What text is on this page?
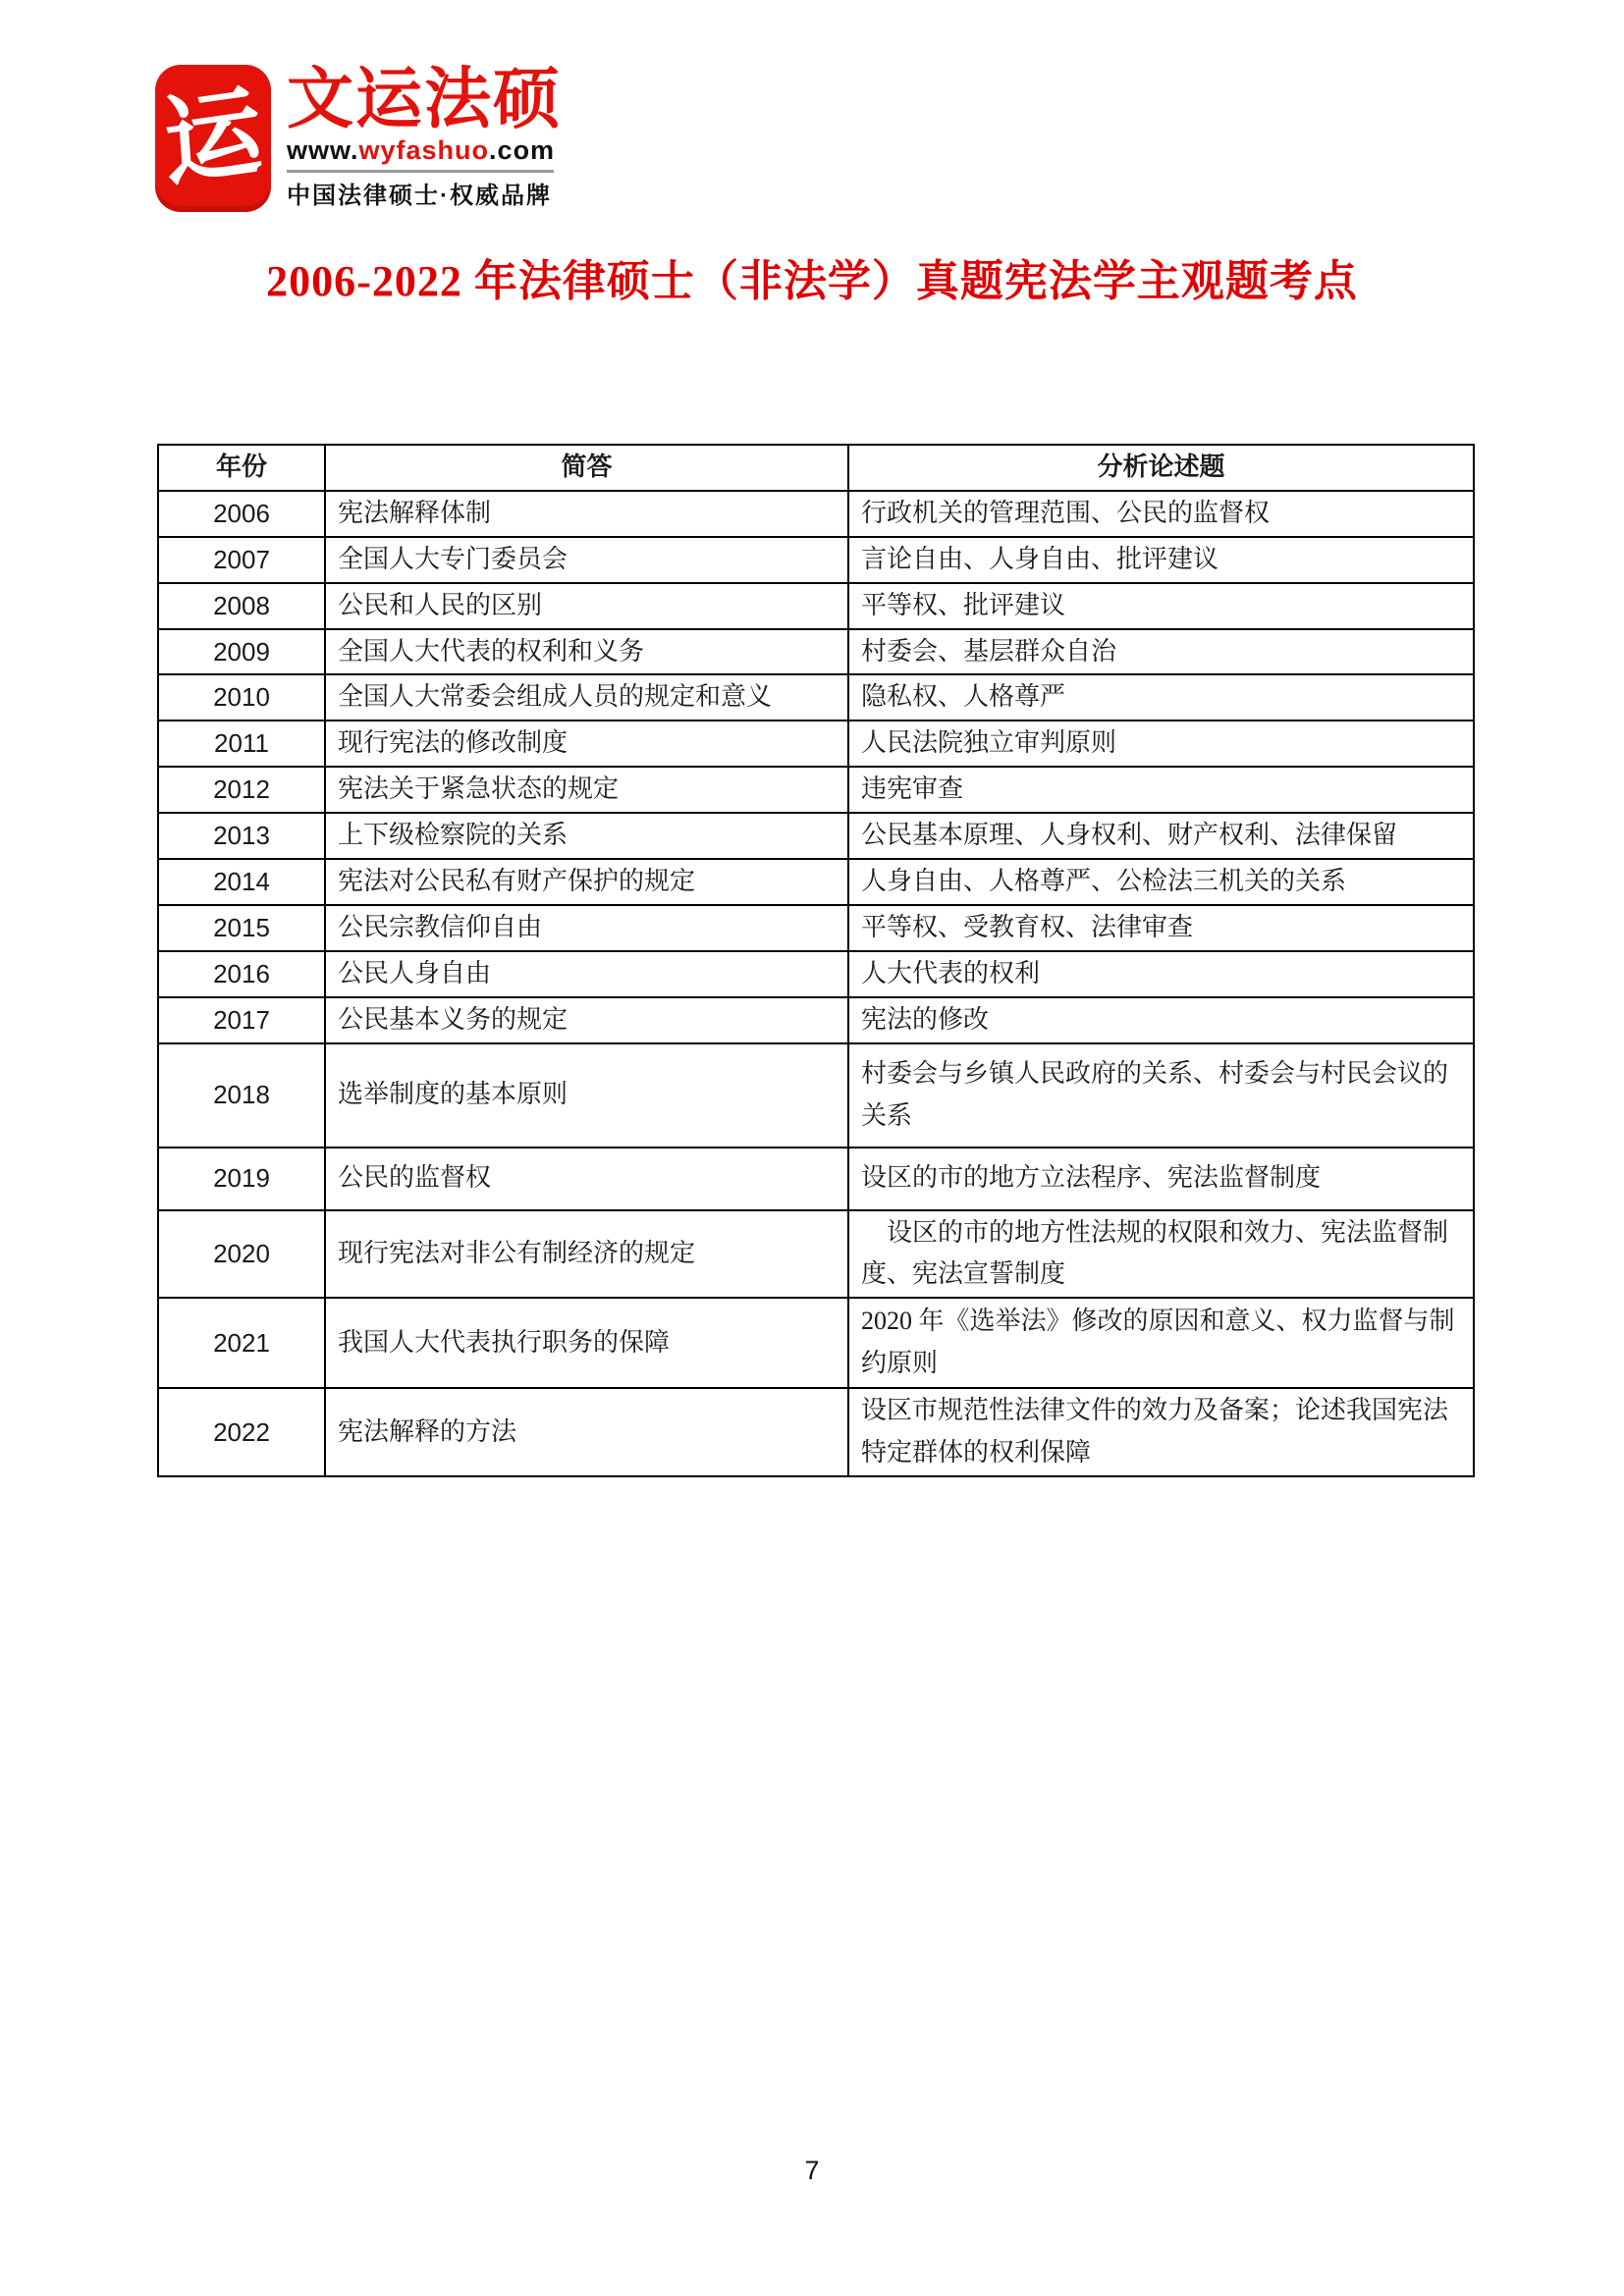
运 文运法硕
www.wyfashuo.com
中国法律硕士·权威品牌
2006-2022 年法律硕士（非法学）真题宪法学主观题考点
年份	简答	分析论述题
2006	宪法解释体制	行政机关的管理范围、公民的监督权
2007	全国人大专门委员会	言论自由、人身自由、批评建议
2008	公民和人民的区别	平等权、批评建议
2009	全国人大代表的权利和义务	村委会、基层群众自治
2010	全国人大常委会组成人员的规定和意义	隐私权、人格尊严
2011	现行宪法的修改制度	人民法院独立审判原则
2012	宪法关于紧急状态的规定	违宪审查
2013	上下级检察院的关系	公民基本原理、人身权利、财产权利、法律保留
2014	宪法对公民私有财产保护的规定	人身自由、人格尊严、公检法三机关的关系
2015	公民宗教信仰自由	平等权、受教育权、法律审查
2016	公民人身自由	人大代表的权利
2017	公民基本义务的规定	宪法的修改
2018	选举制度的基本原则	村委会与乡镇人民政府的关系、村委会与村民会议的关系
2019	公民的监督权	设区的市的地方立法程序、宪法监督制度
2020	现行宪法对非公有制经济的规定	　设区的市的地方性法规的权限和效力、宪法监督制度、宪法宣誓制度
2021	我国人大代表执行职务的保障	2020 年《选举法》修改的原因和意义、权力监督与制约原则
2022	宪法解释的方法	设区市规范性法律文件的效力及备案；论述我国宪法特定群体的权利保障
7
